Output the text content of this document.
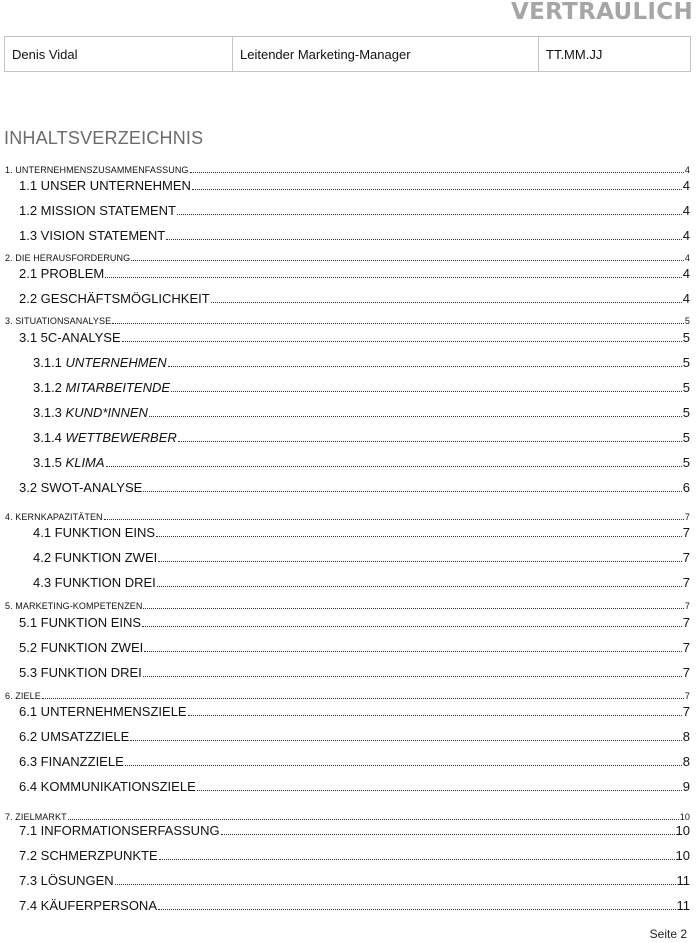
VERTRAULICH
Denis Vidal	Leitender Marketing-Manager	TT.MM.JJ
INHALTSVERZEICHNIS
1. UNTERNEHMENSZUSAMMENFASSUNG	4
1.1 UNSER UNTERNEHMEN	4
1.2 MISSION STATEMENT	4
1.3 VISION STATEMENT	4
2. DIE HERAUSFORDERUNG	4
2.1 PROBLEM	4
2.2 GESCHÄFTSMÖGLICHKEIT	4
3. SITUATIONSANALYSE	5
3.1 5C-ANALYSE	5
3.1.1 UNTERNEHMEN	5
3.1.2 MITARBEITENDE	5
3.1.3 KUND*INNEN	5
3.1.4 WETTBEWERBER	5
3.1.5 KLIMA	5
3.2 SWOT-ANALYSE	6
4. KERNKAPAZITÄTEN	7
4.1 FUNKTION EINS	7
4.2 FUNKTION ZWEI	7
4.3 FUNKTION DREI	7
5. MARKETING-KOMPETENZEN	7
5.1 FUNKTION EINS	7
5.2 FUNKTION ZWEI	7
5.3 FUNKTION DREI	7
6. ZIELE	7
6.1 UNTERNEHMENSZIELE	7
6.2 UMSATZZIELE	8
6.3 FINANZZIELE	8
6.4 KOMMUNIKATIONSZIELE	9
7. ZIELMARKT	10
7.1 INFORMATIONSERFASSUNG	10
7.2 SCHMERZPUNKTE	10
7.3 LÖSUNGEN	11
7.4 KÄUFERPERSONA	11
Seite 2
